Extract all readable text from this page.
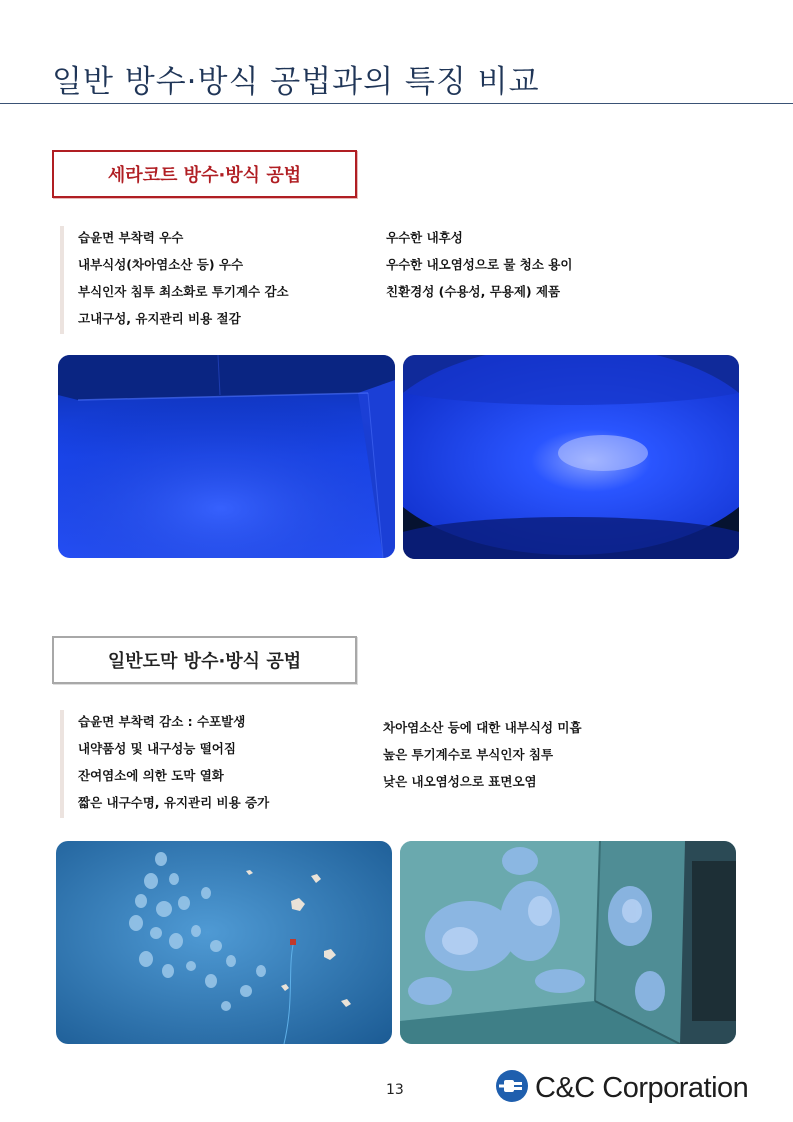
일반 방수·방식 공법과의 특징 비교
세라코트 방수·방식 공법
습윤면 부착력 우수
내부식성(차아염소산 등) 우수
부식인자 침투 최소화로 투기계수 감소
고내구성, 유지관리 비용 절감
우수한 내후성
우수한 내오염성으로 물 청소 용이
친환경성 (수용성, 무용제) 제품
일반도막 방수·방식 공법
습윤면 부착력 감소 : 수포발생
내약품성 및 내구성능 떨어짐
잔여염소에 의한 도막 열화
짧은 내구수명, 유지관리 비용 증가
차아염소산 등에 대한 내부식성 미흡
높은 투기계수로 부식인자 침투
낮은 내오염성으로 표면오염
13	C&C Corporation
